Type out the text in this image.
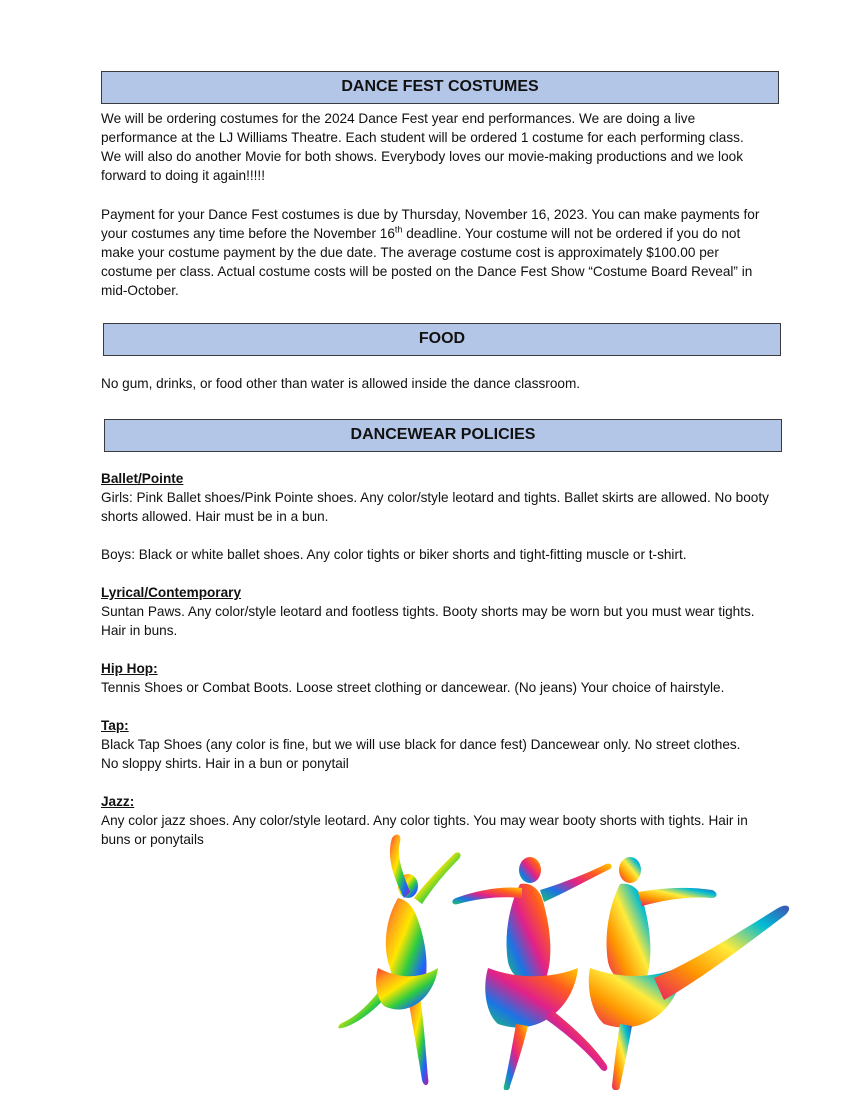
DANCE FEST COSTUMES

We will be ordering costumes for the 2024 Dance Fest year end performances. We are doing a live performance at the LJ Williams Theatre. Each student will be ordered 1 costume for each performing class. We will also do another Movie for both shows. Everybody loves our movie-making productions and we look forward to doing it again!!!!!

Payment for your Dance Fest costumes is due by Thursday, November 16, 2023. You can make payments for your costumes any time before the November 16th deadline. Your costume will not be ordered if you do not make your costume payment by the due date. The average costume cost is approximately $100.00 per costume per class. Actual costume costs will be posted on the Dance Fest Show “Costume Board Reveal” in mid-October.

FOOD

No gum, drinks, or food other than water is allowed inside the dance classroom.

DANCEWEAR POLICIES

Ballet/Pointe

Girls: Pink Ballet shoes/Pink Pointe shoes. Any color/style leotard and tights. Ballet skirts are allowed. No booty shorts allowed. Hair must be in a bun.

Boys: Black or white ballet shoes. Any color tights or biker shorts and tight-fitting muscle or t-shirt.

Lyrical/Contemporary

Suntan Paws. Any color/style leotard and footless tights. Booty shorts may be worn but you must wear tights. Hair in buns.

Hip Hop:

Tennis Shoes or Combat Boots. Loose street clothing or dancewear. (No jeans) Your choice of hairstyle.

Tap:

Black Tap Shoes (any color is fine, but we will use black for dance fest) Dancewear only. No street clothes. No sloppy shirts. Hair in a bun or ponytail

Jazz:

Any color jazz shoes. Any color/style leotard. Any color tights. You may wear booty shorts with tights. Hair in buns or ponytails
